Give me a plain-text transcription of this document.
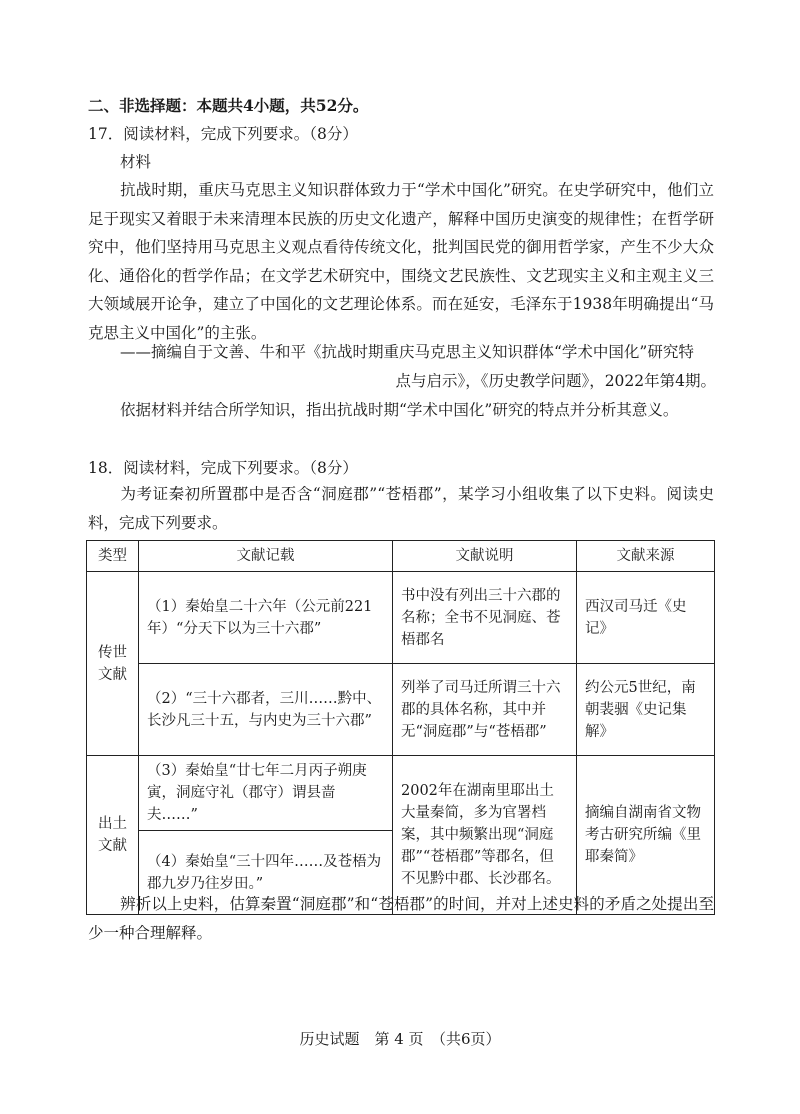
二、非选择题：本题共4小题，共52分。
17．阅读材料，完成下列要求。（8分）
材料
抗战时期，重庆马克思主义知识群体致力于“学术中国化”研究。在史学研究中，他们立足于现实又着眼于未来清理本民族的历史文化遗产，解释中国历史演变的规律性；在哲学研究中，他们坚持用马克思主义观点看待传统文化，批判国民党的御用哲学家，产生不少大众化、通俗化的哲学作品；在文学艺术研究中，围绕文艺民族性、文艺现实主义和主观主义三大领域展开论争，建立了中国化的文艺理论体系。而在延安，毛泽东于1938年明确提出“马克思主义中国化”的主张。
——摘编自于文善、牛和平《抗战时期重庆马克思主义知识群体“学术中国化”研究特
点与启示》，《历史教学问题》，2022年第4期。
依据材料并结合所学知识，指出抗战时期“学术中国化”研究的特点并分析其意义。
18．阅读材料，完成下列要求。（8分）
为考证秦初所置郡中是否含“洞庭郡”“苍梧郡”，某学习小组收集了以下史料。阅读史料，完成下列要求。
类型	文献记载	文献说明	文献来源
传世文献	（1）秦始皇二十六年（公元前221年）“分天下以为三十六郡”	书中没有列出三十六郡的名称；全书不见洞庭、苍梧郡名	西汉司马迁《史记》
	（2）“三十六郡者，三川……黔中、长沙凡三十五，与内史为三十六郡”	列举了司马迁所谓三十六郡的具体名称，其中并无“洞庭郡”与“苍梧郡”	约公元5世纪，南朝裴骃《史记集解》
出土文献	（3）秦始皇“廿七年二月丙子朔庚寅，洞庭守礼（郡守）谓县啬夫……”	2002年在湖南里耶出土大量秦简，多为官署档案，其中频繁出现“洞庭郡”“苍梧郡”等郡名，但不见黔中郡、长沙郡名。	摘编自湖南省文物考古研究所编《里耶秦简》
	（4）秦始皇“三十四年……及苍梧为郡九岁乃往岁田。”		
辨析以上史料，估算秦置“洞庭郡”和“苍梧郡”的时间，并对上述史料的矛盾之处提出至少一种合理解释。
历史试题　第 4 页　（共6页）
